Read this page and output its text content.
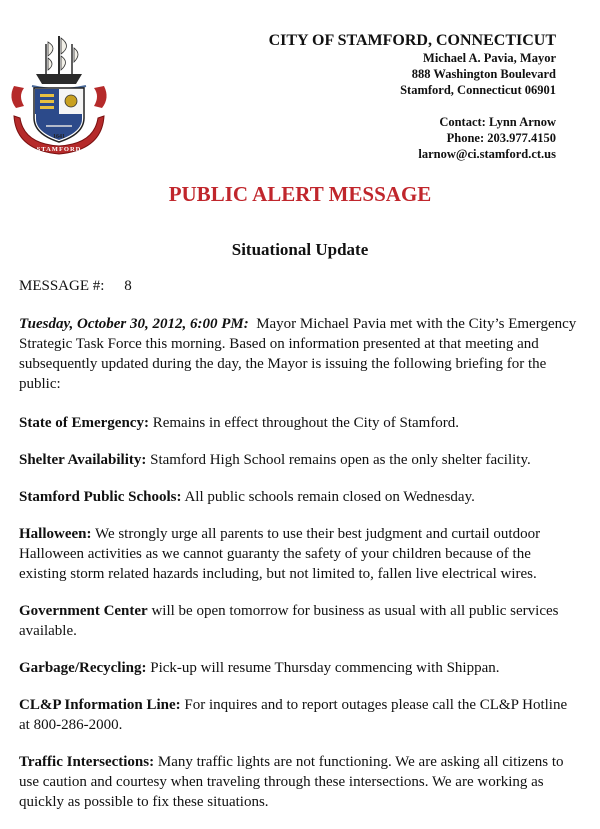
1641
STAMFORD
CITY OF STAMFORD, CONNECTICUT
Michael A. Pavia, Mayor
888 Washington Boulevard
Stamford, Connecticut 06901
Contact: Lynn Arnow
Phone: 203.977.4150
larnow@ci.stamford.ct.us
PUBLIC ALERT MESSAGE
Situational Update
MESSAGE #: 8

Tuesday, October 30, 2012, 6:00 PM: Mayor Michael Pavia met with the City’s Emergency Strategic Task Force this morning. Based on information presented at that meeting and subsequently updated during the day, the Mayor is issuing the following briefing for the public:

State of Emergency: Remains in effect throughout the City of Stamford.

Shelter Availability: Stamford High School remains open as the only shelter facility.

Stamford Public Schools: All public schools remain closed on Wednesday.

Halloween: We strongly urge all parents to use their best judgment and curtail outdoor Halloween activities as we cannot guaranty the safety of your children because of the existing storm related hazards including, but not limited to, fallen live electrical wires.

Government Center will be open tomorrow for business as usual with all public services available.

Garbage/Recycling: Pick-up will resume Thursday commencing with Shippan.

CL&P Information Line: For inquires and to report outages please call the CL&P Hotline at 800-286-2000.

Traffic Intersections: Many traffic lights are not functioning. We are asking all citizens to use caution and courtesy when traveling through these intersections. We are working as quickly as possible to fix these situations.
